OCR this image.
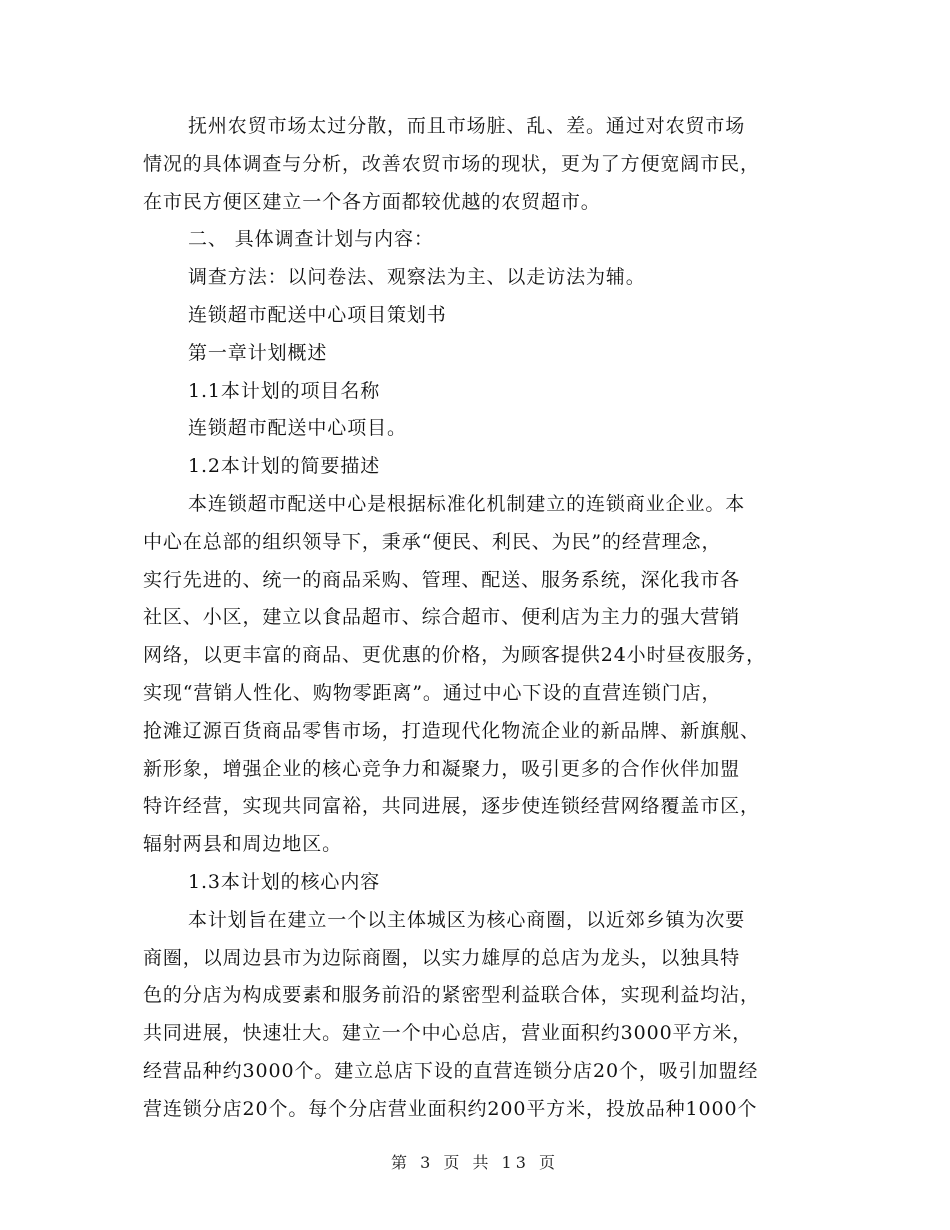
抚州农贸市场太过分散，而且市场脏、乱、差。通过对农贸市场
情况的具体调查与分析，改善农贸市场的现状，更为了方便宽阔市民，
在市民方便区建立一个各方面都较优越的农贸超市。
二、 具体调查计划与内容：
调查方法：以问卷法、观察法为主、以走访法为辅。
连锁超市配送中心项目策划书
第一章计划概述
1.1本计划的项目名称
连锁超市配送中心项目。
1.2本计划的简要描述
本连锁超市配送中心是根据标准化机制建立的连锁商业企业。本
中心在总部的组织领导下，秉承“便民、利民、为民”的经营理念，
实行先进的、统一的商品采购、管理、配送、服务系统，深化我市各
社区、小区，建立以食品超市、综合超市、便利店为主力的强大营销
网络，以更丰富的商品、更优惠的价格，为顾客提供24小时昼夜服务，
实现“营销人性化、购物零距离”。通过中心下设的直营连锁门店，
抢滩辽源百货商品零售市场，打造现代化物流企业的新品牌、新旗舰、
新形象，增强企业的核心竞争力和凝聚力，吸引更多的合作伙伴加盟
特许经营，实现共同富裕，共同进展，逐步使连锁经营网络覆盖市区，
辐射两县和周边地区。
1.3本计划的核心内容
本计划旨在建立一个以主体城区为核心商圈，以近郊乡镇为次要
商圈，以周边县市为边际商圈，以实力雄厚的总店为龙头，以独具特
色的分店为构成要素和服务前沿的紧密型利益联合体，实现利益均沾，
共同进展，快速壮大。建立一个中心总店，营业面积约3000平方米，
经营品种约3000个。建立总店下设的直营连锁分店20个，吸引加盟经
营连锁分店20个。每个分店营业面积约200平方米，投放品种1000个
第 3 页 共 13 页
